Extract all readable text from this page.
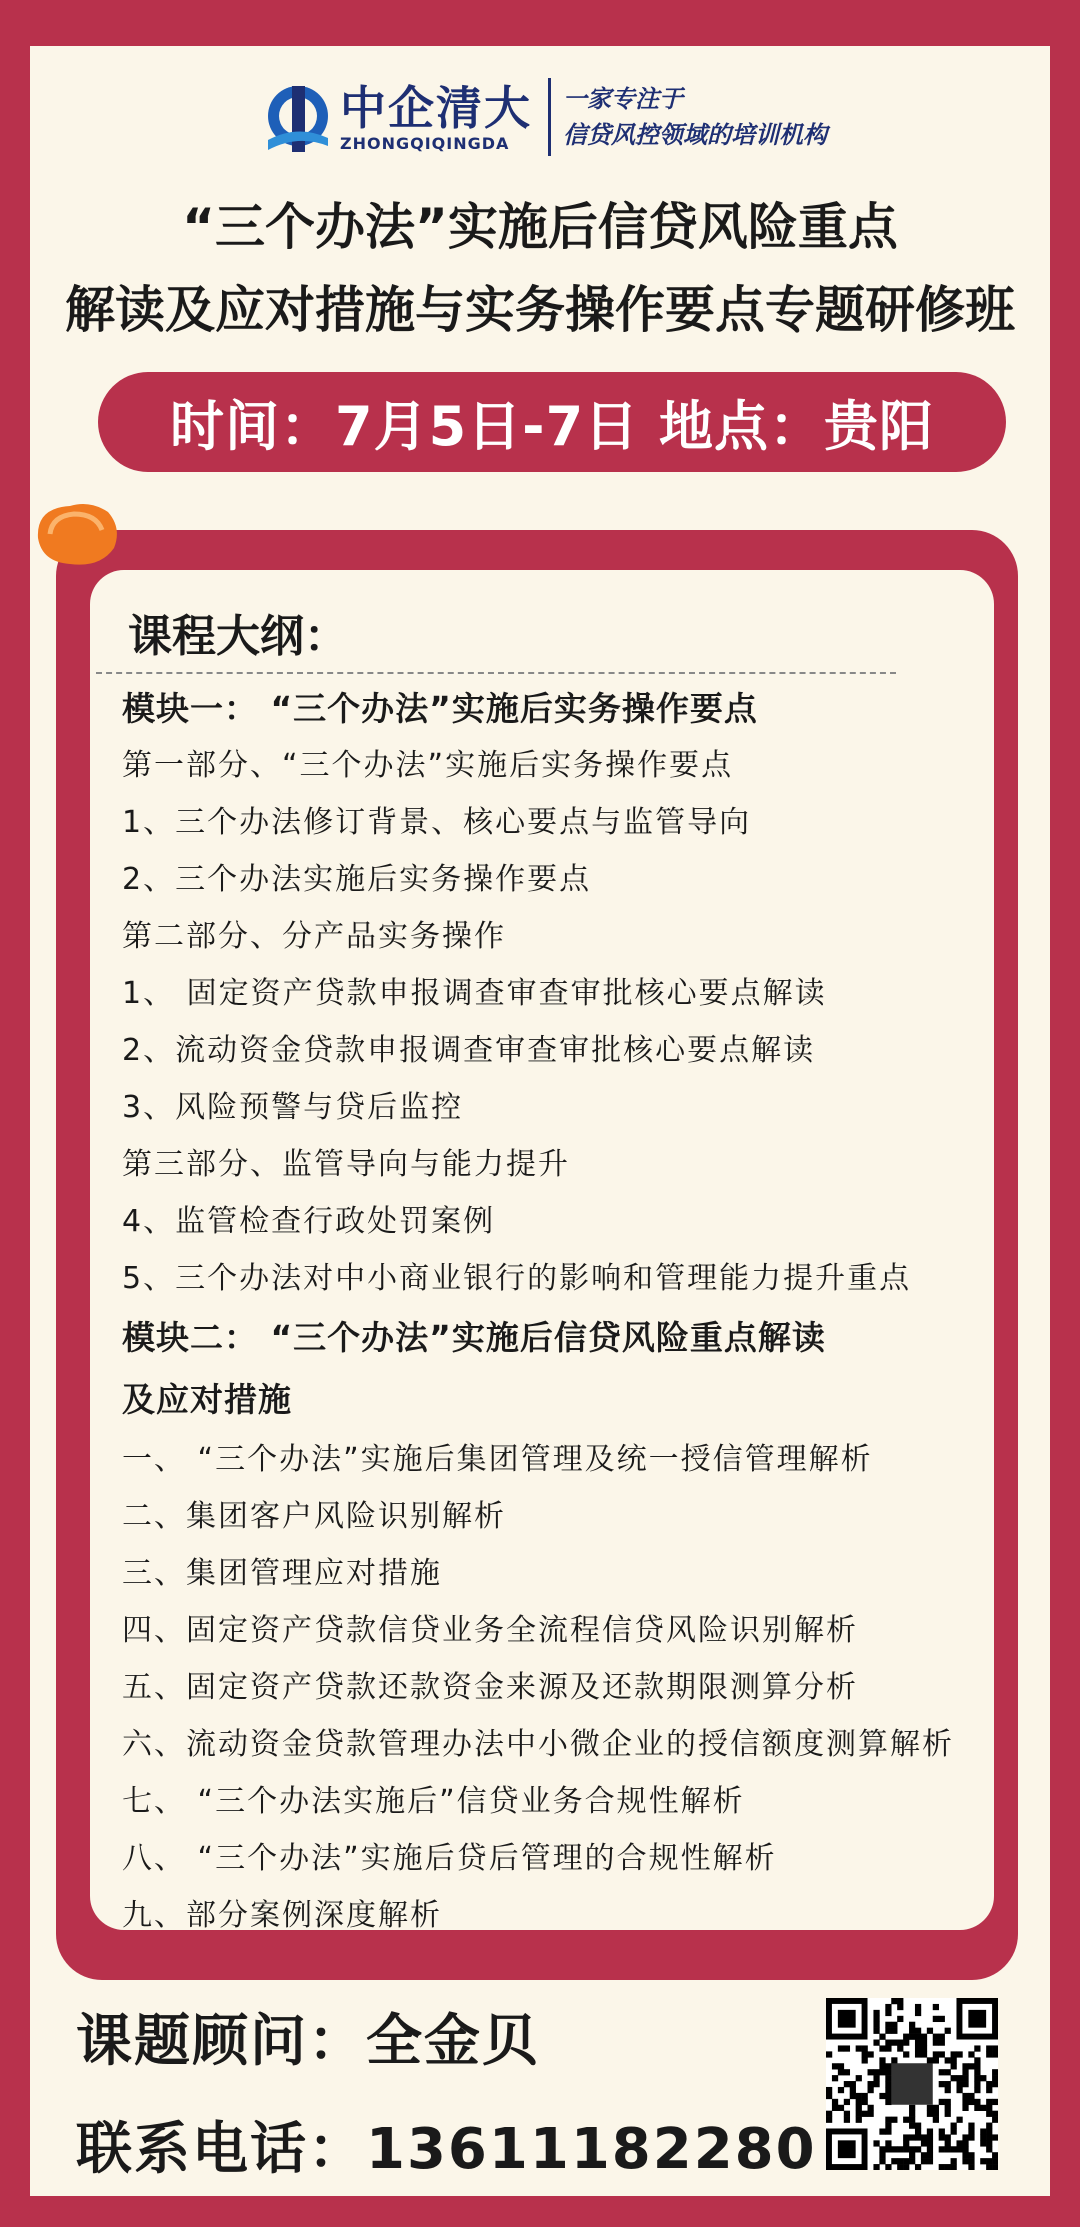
中企清大
ZHONGQIQINGDA
一家专注于
信贷风控领域的培训机构
“三个办法”实施后信贷风险重点
解读及应对措施与实务操作要点专题研修班
时间：7月5日-7日 地点：贵阳
课程大纲：
模块一： “三个办法”实施后实务操作要点
第一部分、“三个办法”实施后实务操作要点
1、三个办法修订背景、核心要点与监管导向
2、三个办法实施后实务操作要点
第二部分、分产品实务操作
1、 固定资产贷款申报调查审查审批核心要点解读
2、流动资金贷款申报调查审查审批核心要点解读
3、风险预警与贷后监控
第三部分、监管导向与能力提升
4、监管检查行政处罚案例
5、三个办法对中小商业银行的影响和管理能力提升重点
模块二： “三个办法”实施后信贷风险重点解读
及应对措施
一、 “三个办法”实施后集团管理及统一授信管理解析
二、集团客户风险识别解析
三、集团管理应对措施
四、固定资产贷款信贷业务全流程信贷风险识别解析
五、固定资产贷款还款资金来源及还款期限测算分析
六、流动资金贷款管理办法中小微企业的授信额度测算解析
七、 “三个办法实施后”信贷业务合规性解析
八、 “三个办法”实施后贷后管理的合规性解析
九、部分案例深度解析
课题顾问：全金贝
联系电话：13611182280
